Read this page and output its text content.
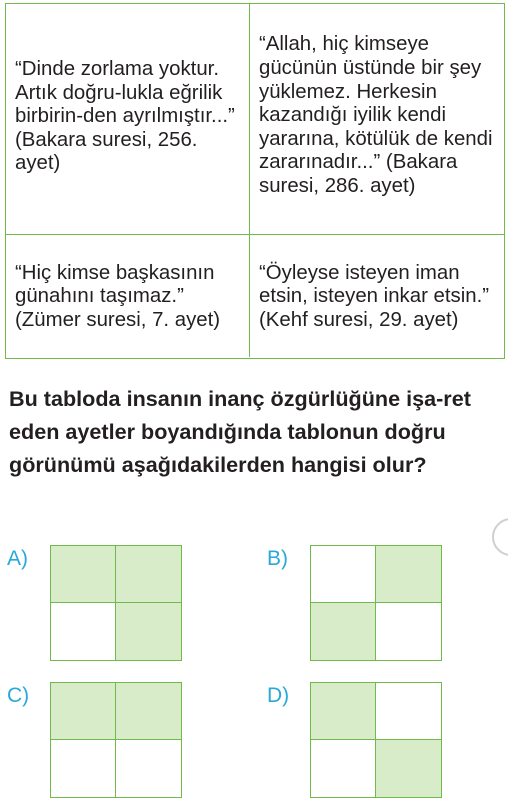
“Dinde zorlama yoktur. Artık doğru-lukla eğrilik birbirin-den ayrılmıştır...” (Bakara suresi, 256. ayet)
“Allah, hiç kimseye gücünün üstünde bir şey yüklemez. Herkesin kazandığı iyilik kendi yararına, kötülük de kendi zararınadır...” (Bakara suresi, 286. ayet)
“Hiç kimse başkasının günahını taşımaz.” (Zümer suresi, 7. ayet)
“Öyleyse isteyen iman etsin, isteyen inkar etsin.” (Kehf suresi, 29. ayet)
Bu tabloda insanın inanç özgürlüğüne işa-ret eden ayetler boyandığında tablonun doğru görünümü aşağıdakilerden hangisi olur?
A)	B)
C)	D)
